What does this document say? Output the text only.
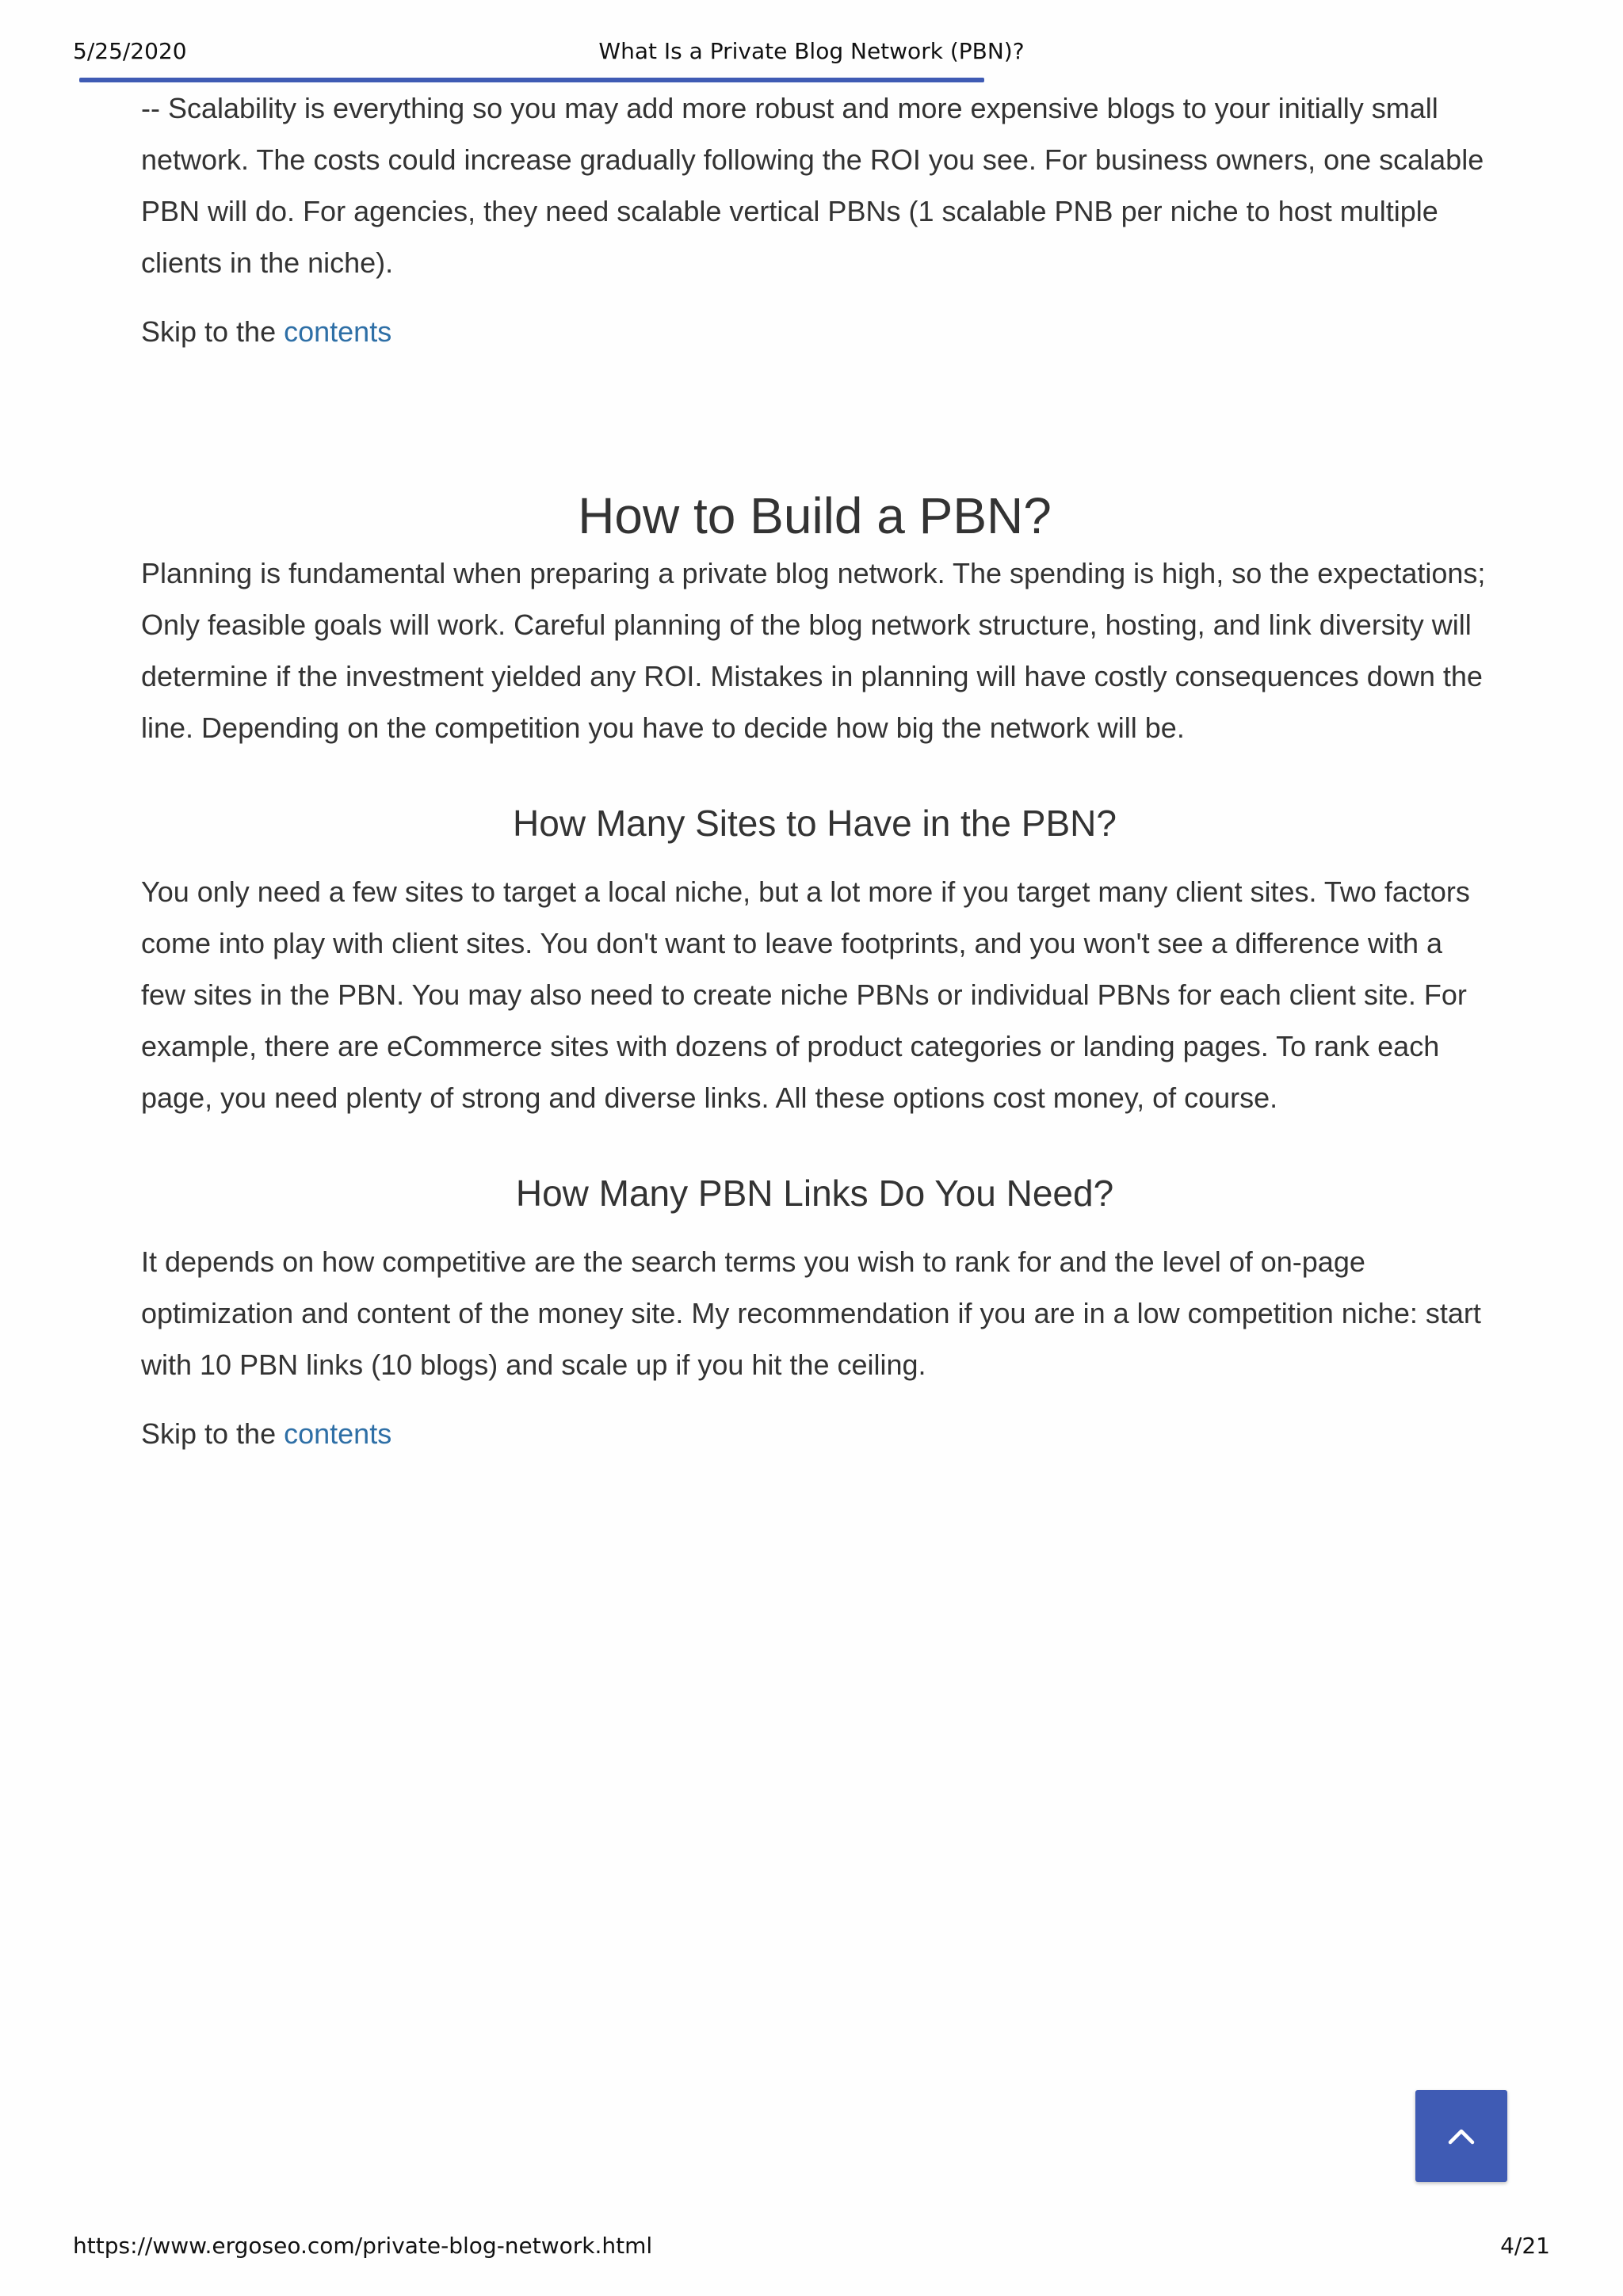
5/25/2020	What Is a Private Blog Network (PBN)?

-- Scalability is everything so you may add more robust and more expensive blogs to your initially small network. The costs could increase gradually following the ROI you see. For business owners, one scalable PBN will do. For agencies, they need scalable vertical PBNs (1 scalable PNB per niche to host multiple clients in the niche).

Skip to the contents

How to Build a PBN?

Planning is fundamental when preparing a private blog network. The spending is high, so the expectations; Only feasible goals will work. Careful planning of the blog network structure, hosting, and link diversity will determine if the investment yielded any ROI. Mistakes in planning will have costly consequences down the line. Depending on the competition you have to decide how big the network will be.

How Many Sites to Have in the PBN?

You only need a few sites to target a local niche, but a lot more if you target many client sites. Two factors come into play with client sites. You don't want to leave footprints, and you won't see a difference with a few sites in the PBN. You may also need to create niche PBNs or individual PBNs for each client site. For example, there are eCommerce sites with dozens of product categories or landing pages. To rank each page, you need plenty of strong and diverse links. All these options cost money, of course.

How Many PBN Links Do You Need?

It depends on how competitive are the search terms you wish to rank for and the level of on-page optimization and content of the money site. My recommendation if you are in a low competition niche: start with 10 PBN links (10 blogs) and scale up if you hit the ceiling.

Skip to the contents

https://www.ergoseo.com/private-blog-network.html	4/21
